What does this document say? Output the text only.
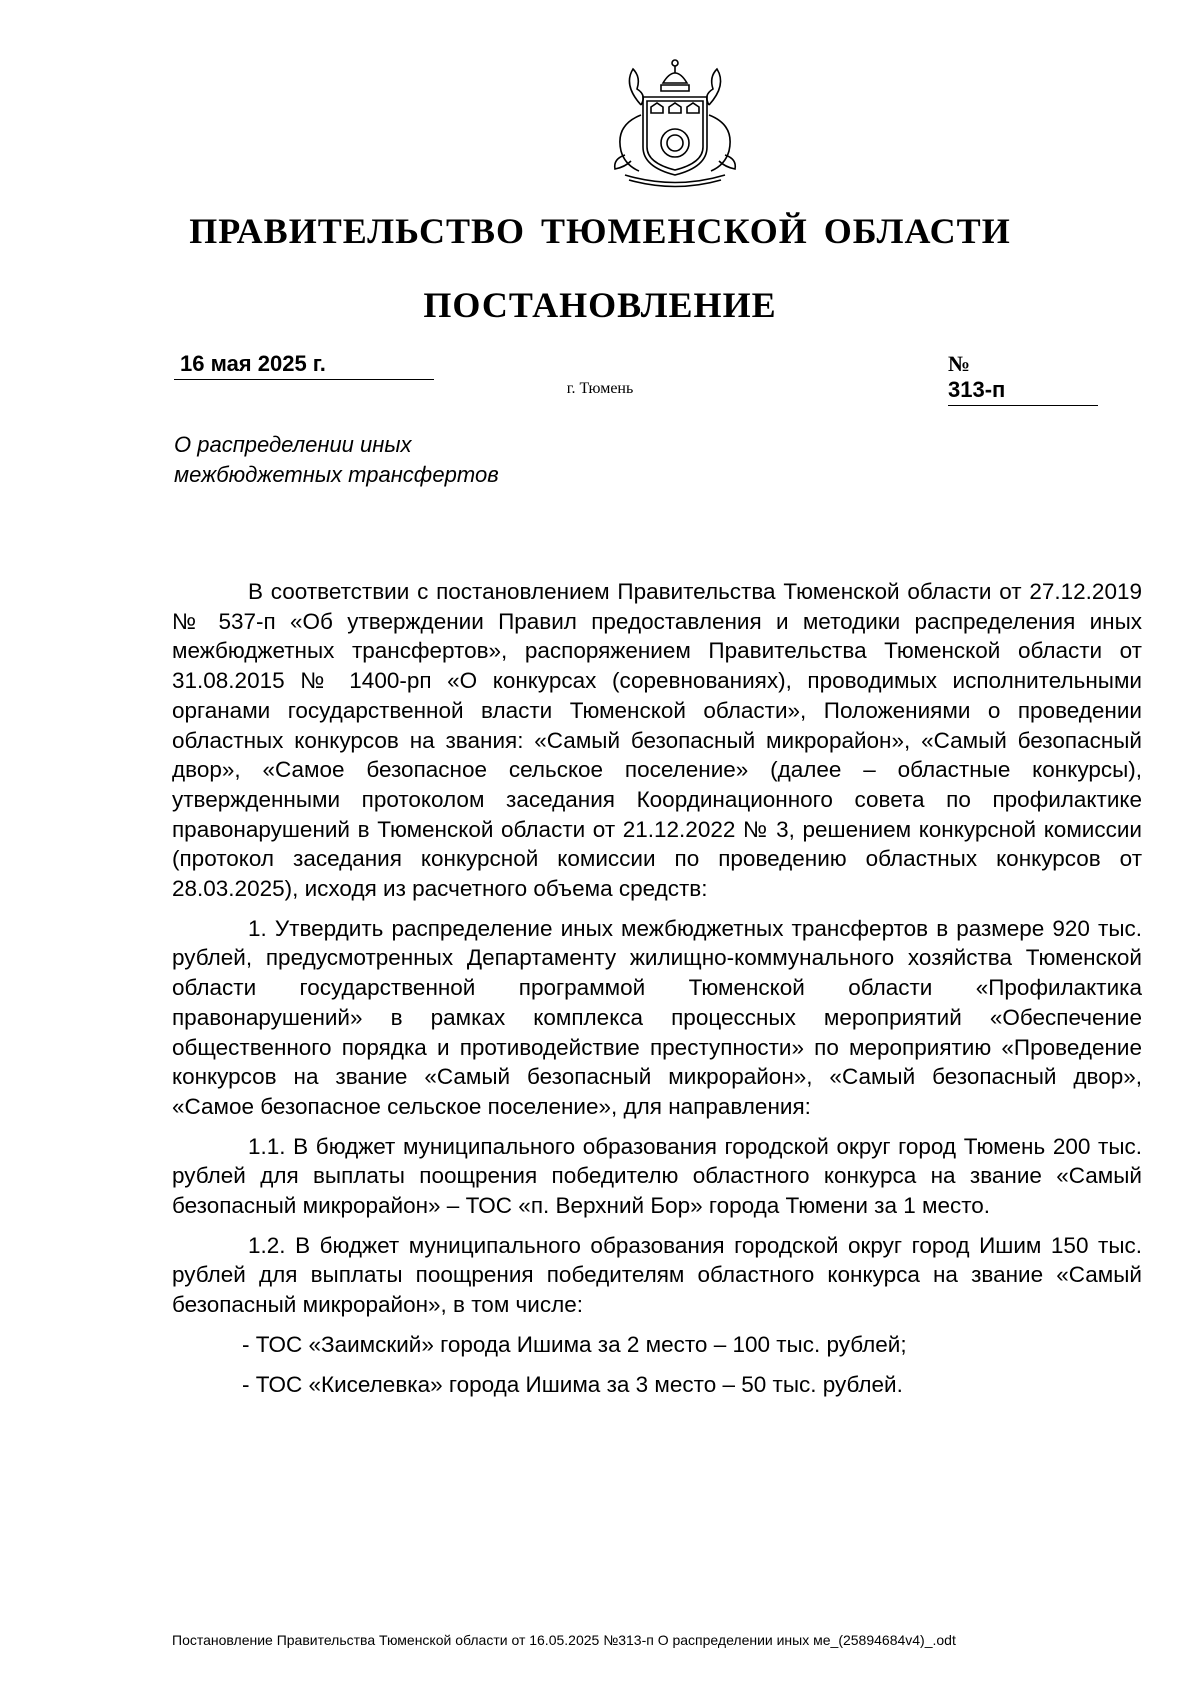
ПРАВИТЕЛЬСТВО ТЮМЕНСКОЙ ОБЛАСТИ
ПОСТАНОВЛЕНИЕ
16 мая 2025 г.	№313-п
г. Тюмень
О распределении иных
межбюджетных трансфертов

В соответствии с постановлением Правительства Тюменской области от 27.12.2019 № 537-п «Об утверждении Правил предоставления и методики распределения иных межбюджетных трансфертов», распоряжением Правительства Тюменской области от 31.08.2015 № 1400-рп «О конкурсах (соревнованиях), проводимых исполнительными органами государственной власти Тюменской области», Положениями о проведении областных конкурсов на звания: «Самый безопасный микрорайон», «Самый безопасный двор», «Самое безопасное сельское поселение» (далее – областные конкурсы), утвержденными протоколом заседания Координационного совета по профилактике правонарушений в Тюменской области от 21.12.2022 № 3, решением конкурсной комиссии (протокол заседания конкурсной комиссии по проведению областных конкурсов от 28.03.2025), исходя из расчетного объема средств:

1. Утвердить распределение иных межбюджетных трансфертов в размере 920 тыс. рублей, предусмотренных Департаменту жилищно-коммунального хозяйства Тюменской области государственной программой Тюменской области «Профилактика правонарушений» в рамках комплекса процессных мероприятий «Обеспечение общественного порядка и противодействие преступности» по мероприятию «Проведение конкурсов на звание «Самый безопасный микрорайон», «Самый безопасный двор», «Самое безопасное сельское поселение», для направления:

1.1. В бюджет муниципального образования городской округ город Тюмень 200 тыс. рублей для выплаты поощрения победителю областного конкурса на звание «Самый безопасный микрорайон» – ТОС «п. Верхний Бор» города Тюмени за 1 место.

1.2. В бюджет муниципального образования городской округ город Ишим 150 тыс. рублей для выплаты поощрения победителям областного конкурса на звание «Самый безопасный микрорайон», в том числе:

- ТОС «Заимский» города Ишима за 2 место – 100 тыс. рублей;

- ТОС «Киселевка» города Ишима за 3 место – 50 тыс. рублей.

Постановление Правительства Тюменской области от 16.05.2025 №313-п О распределении иных ме_(25894684v4)_.odt
